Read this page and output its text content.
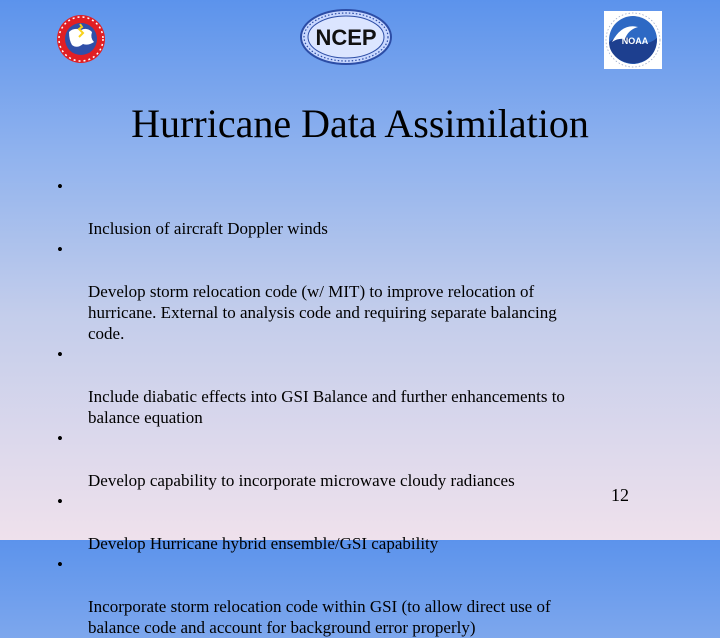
NCEP	NOAA
Hurricane Data Assimilation

•

Inclusion of aircraft Doppler winds

•

Develop storm relocation code (w/ MIT) to improve relocation of
hurricane. External to analysis code and requiring separate balancing
code.

•

Include diabatic effects into GSI Balance and further enhancements to
balance equation

•

Develop capability to incorporate microwave cloudy radiances

•

Develop Hurricane hybrid ensemble/GSI capability

•

Incorporate storm relocation code within GSI (to allow direct use of
balance code and account for background error properly)

12
